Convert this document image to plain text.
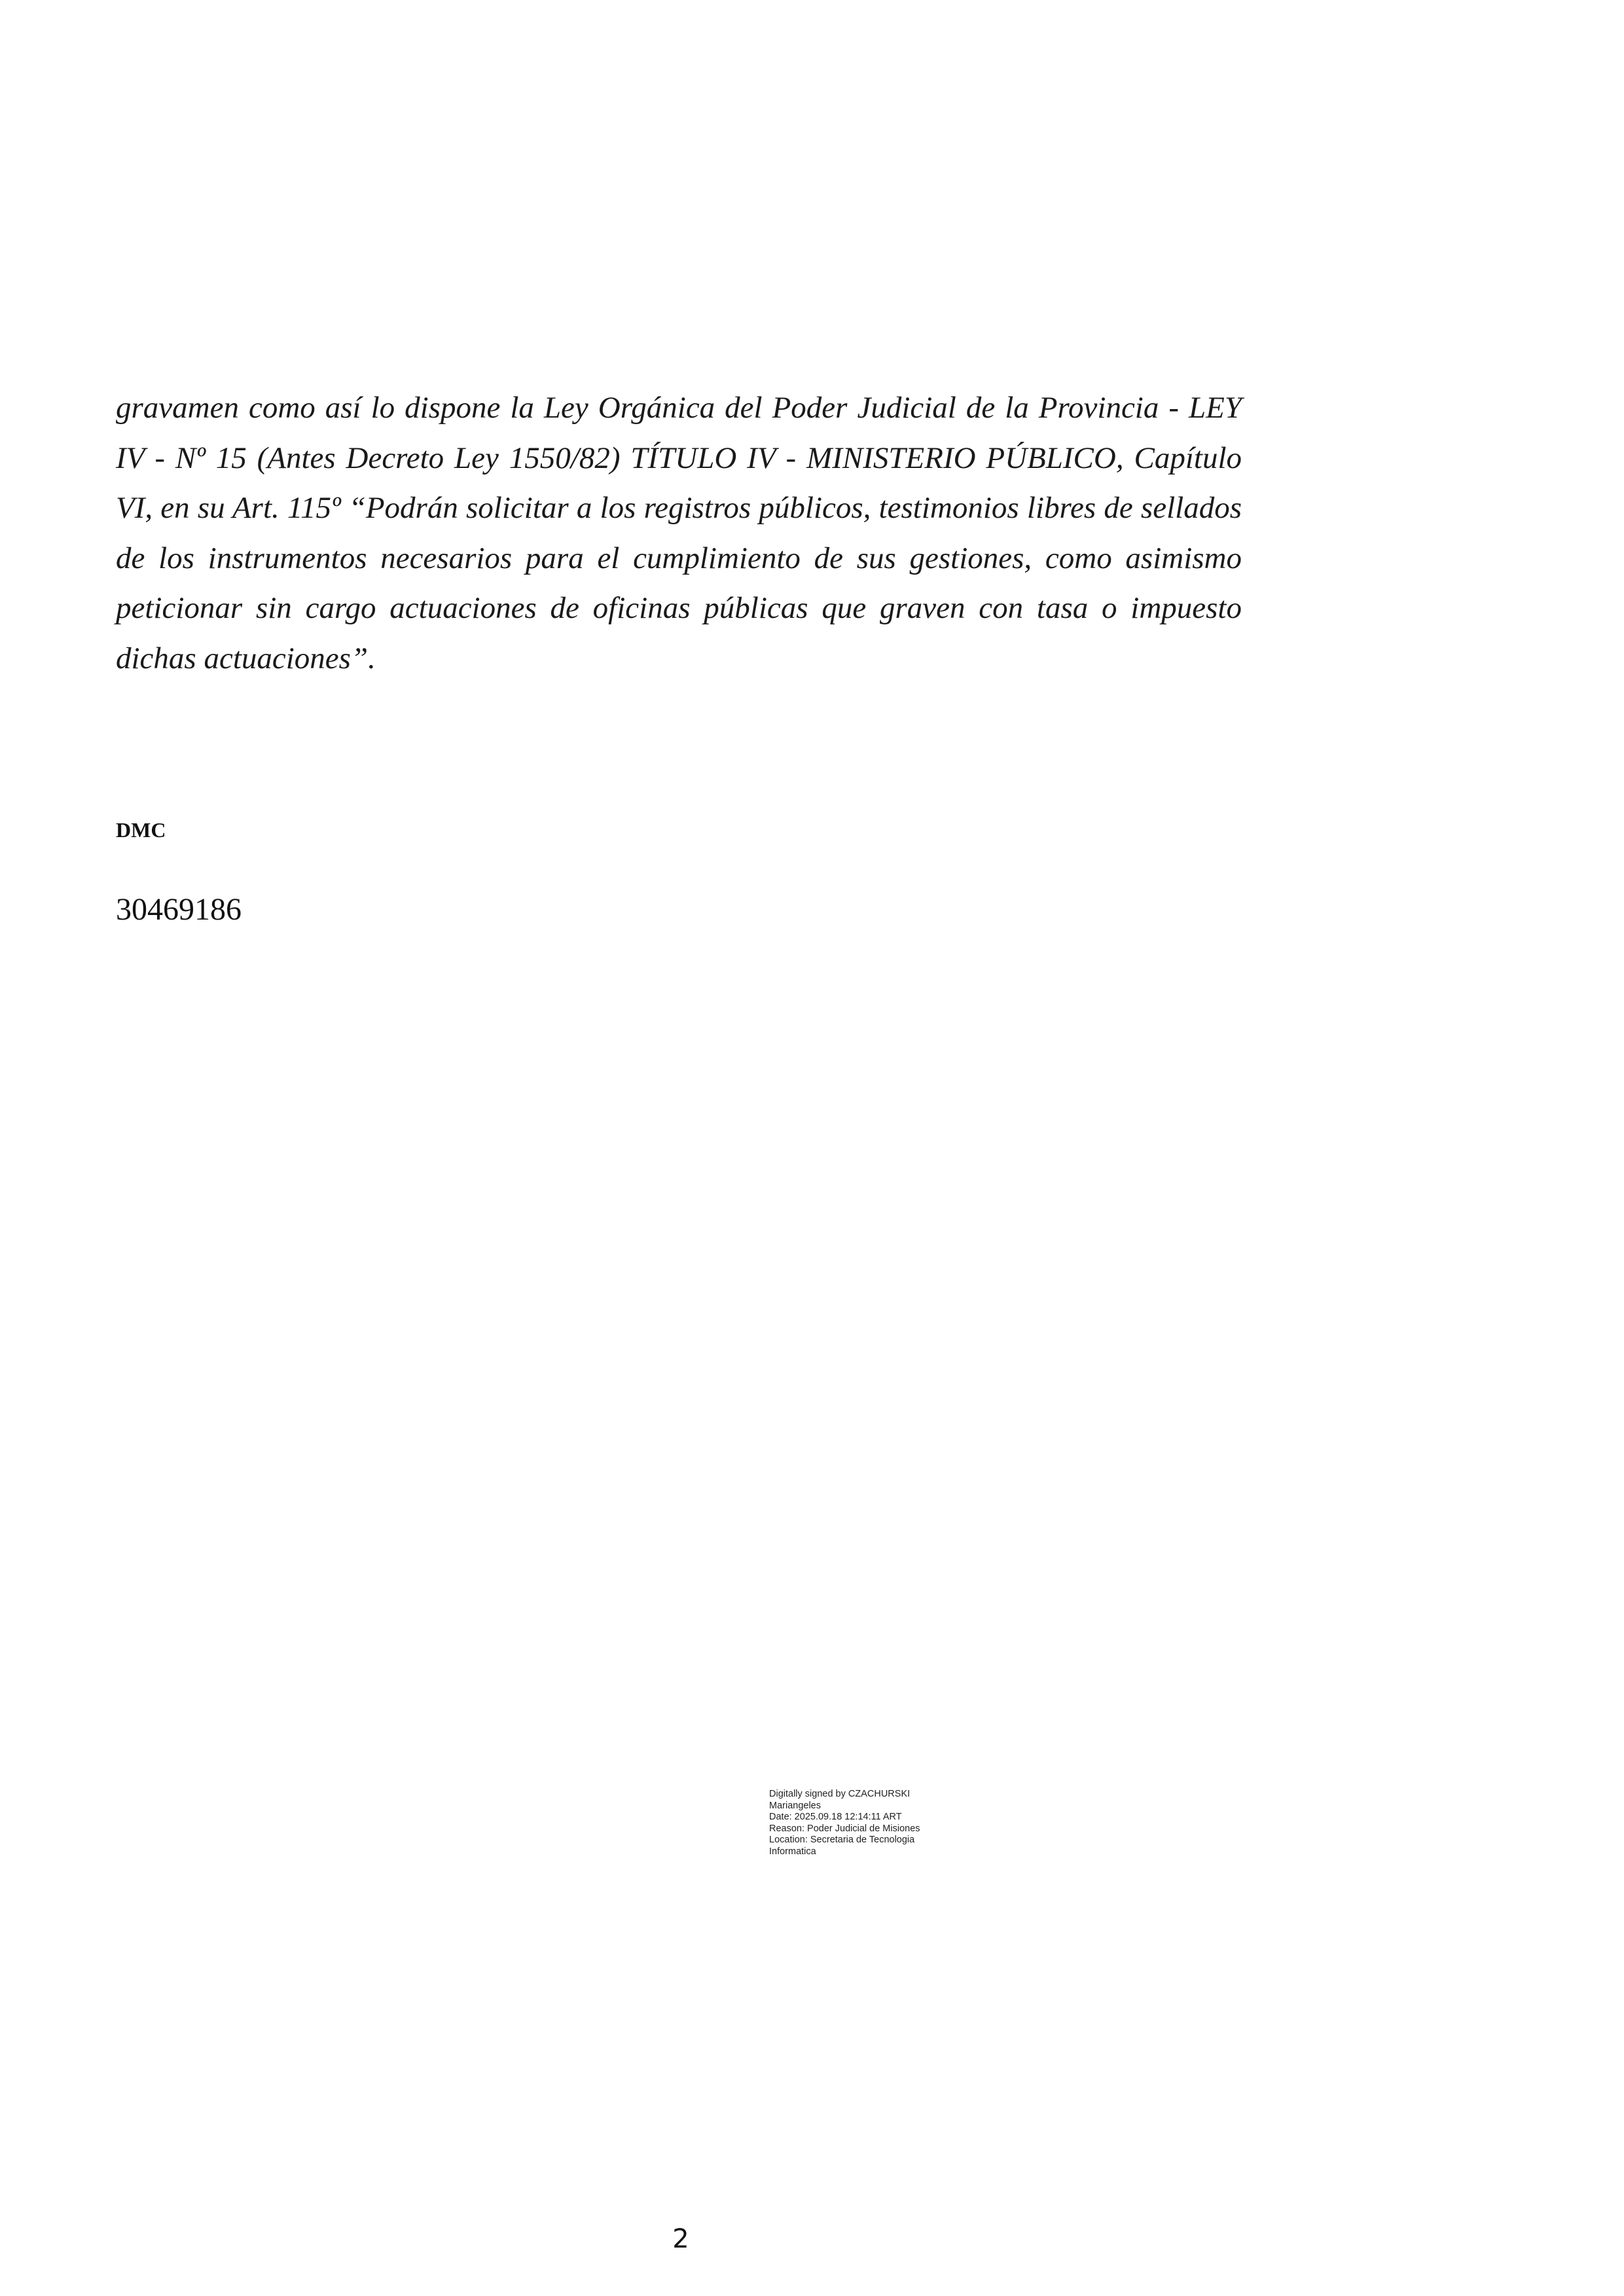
gravamen como así lo dispone la Ley Orgánica del Poder Judicial de la Provincia - LEY IV - Nº 15 (Antes Decreto Ley 1550/82) TÍTULO IV - MINISTERIO PÚBLICO, Capítulo VI, en su Art. 115º “Podrán solicitar a los registros públicos, testimonios libres de sellados de los instrumentos necesarios para el cumplimiento de sus gestiones, como asimismo peticionar sin cargo actuaciones de oficinas públicas que graven con tasa o impuesto dichas actuaciones”.

DMC
30469186
Digitally signed by CZACHURSKI
Mariangeles
Date: 2025.09.18 12:14:11 ART
Reason: Poder Judicial de Misiones
Location: Secretaria de Tecnologia
Informatica
2
